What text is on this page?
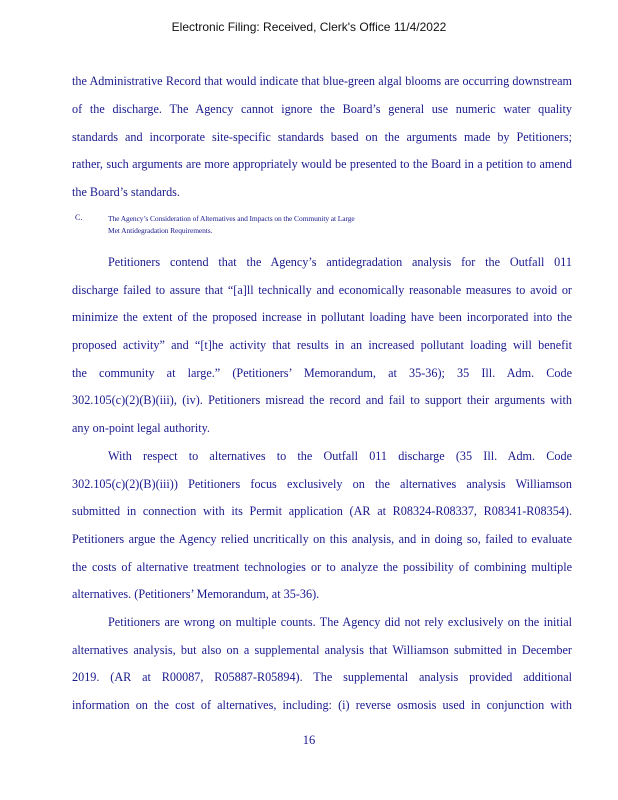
Electronic Filing: Received, Clerk's Office 11/4/2022
the Administrative Record that would indicate that blue-green algal blooms are occurring downstream
of the discharge. The Agency cannot ignore the Board’s general use numeric water quality
standards and incorporate site-specific standards based on the arguments made by Petitioners;
rather, such arguments are more appropriately would be presented to the Board in a petition to amend
the Board’s standards.
C.	The Agency’s Consideration of Alternatives and Impacts on the Community at Large
Met Antidegradation Requirements.
Petitioners contend that the Agency’s antidegradation analysis for the Outfall 011
discharge failed to assure that “[a]ll technically and economically reasonable measures to avoid or
minimize the extent of the proposed increase in pollutant loading have been incorporated into the
proposed activity” and “[t]he activity that results in an increased pollutant loading will benefit
the community at large.” (Petitioners’ Memorandum, at 35-36); 35 Ill. Adm. Code
302.105(c)(2)(B)(iii), (iv). Petitioners misread the record and fail to support their arguments with
any on-point legal authority.
With respect to alternatives to the Outfall 011 discharge (35 Ill. Adm. Code
302.105(c)(2)(B)(iii)) Petitioners focus exclusively on the alternatives analysis Williamson
submitted in connection with its Permit application (AR at R08324-R08337, R08341-R08354).
Petitioners argue the Agency relied uncritically on this analysis, and in doing so, failed to evaluate
the costs of alternative treatment technologies or to analyze the possibility of combining multiple
alternatives. (Petitioners’ Memorandum, at 35-36).
Petitioners are wrong on multiple counts. The Agency did not rely exclusively on the initial
alternatives analysis, but also on a supplemental analysis that Williamson submitted in December
2019. (AR at R00087, R05887-R05894). The supplemental analysis provided additional
information on the cost of alternatives, including: (i) reverse osmosis used in conjunction with
16
